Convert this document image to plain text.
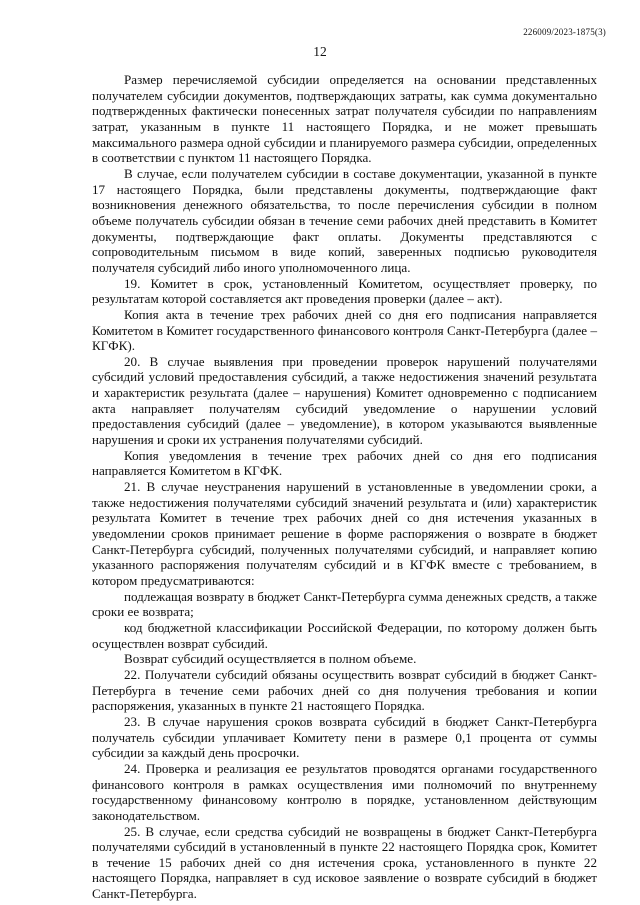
226009/2023-1875(3)
12

Размер перечисляемой субсидии определяется на основании представленных получателем субсидии документов, подтверждающих затраты, как сумма документально подтвержденных фактически понесенных затрат получателя субсидии по направлениям затрат, указанным в пункте 11 настоящего Порядка, и не может превышать максимального размера одной субсидии и планируемого размера субсидии, определенных в соответствии с пунктом 11 настоящего Порядка.

В случае, если получателем субсидии в составе документации, указанной в пункте 17 настоящего Порядка, были представлены документы, подтверждающие факт возникновения денежного обязательства, то после перечисления субсидии в полном объеме получатель субсидии обязан в течение семи рабочих дней представить в Комитет документы, подтверждающие факт оплаты. Документы представляются с сопроводительным письмом в виде копий, заверенных подписью руководителя получателя субсидий либо иного уполномоченного лица.

19. Комитет в срок, установленный Комитетом, осуществляет проверку, по результатам которой составляется акт проведения проверки (далее – акт).

Копия акта в течение трех рабочих дней со дня его подписания направляется Комитетом в Комитет государственного финансового контроля Санкт-Петербурга (далее – КГФК).

20. В случае выявления при проведении проверок нарушений получателями субсидий условий предоставления субсидий, а также недостижения значений результата и характеристик результата (далее – нарушения) Комитет одновременно с подписанием акта направляет получателям субсидий уведомление о нарушении условий предоставления субсидий (далее – уведомление), в котором указываются выявленные нарушения и сроки их устранения получателями субсидий.

Копия уведомления в течение трех рабочих дней со дня его подписания направляется Комитетом в КГФК.

21. В случае неустранения нарушений в установленные в уведомлении сроки, а также недостижения получателями субсидий значений результата и (или) характеристик результата Комитет в течение трех рабочих дней со дня истечения указанных в уведомлении сроков принимает решение в форме распоряжения о возврате в бюджет Санкт-Петербурга субсидий, полученных получателями субсидий, и направляет копию указанного распоряжения получателям субсидий и в КГФК вместе с требованием, в котором предусматриваются:

подлежащая возврату в бюджет Санкт-Петербурга сумма денежных средств, а также сроки ее возврата;

код бюджетной классификации Российской Федерации, по которому должен быть осуществлен возврат субсидий.

Возврат субсидий осуществляется в полном объеме.

22. Получатели субсидий обязаны осуществить возврат субсидий в бюджет Санкт-Петербурга в течение семи рабочих дней со дня получения требования и копии распоряжения, указанных в пункте 21 настоящего Порядка.

23. В случае нарушения сроков возврата субсидий в бюджет Санкт-Петербурга получатель субсидии уплачивает Комитету пени в размере 0,1 процента от суммы субсидии за каждый день просрочки.

24. Проверка и реализация ее результатов проводятся органами государственного финансового контроля в рамках осуществления ими полномочий по внутреннему государственному финансовому контролю в порядке, установленном действующим законодательством.

25. В случае, если средства субсидий не возвращены в бюджет Санкт-Петербурга получателями субсидий в установленный в пункте 22 настоящего Порядка срок, Комитет в течение 15 рабочих дней со дня истечения срока, установленного в пункте 22 настоящего Порядка, направляет в суд исковое заявление о возврате субсидий в бюджет Санкт-Петербурга.
